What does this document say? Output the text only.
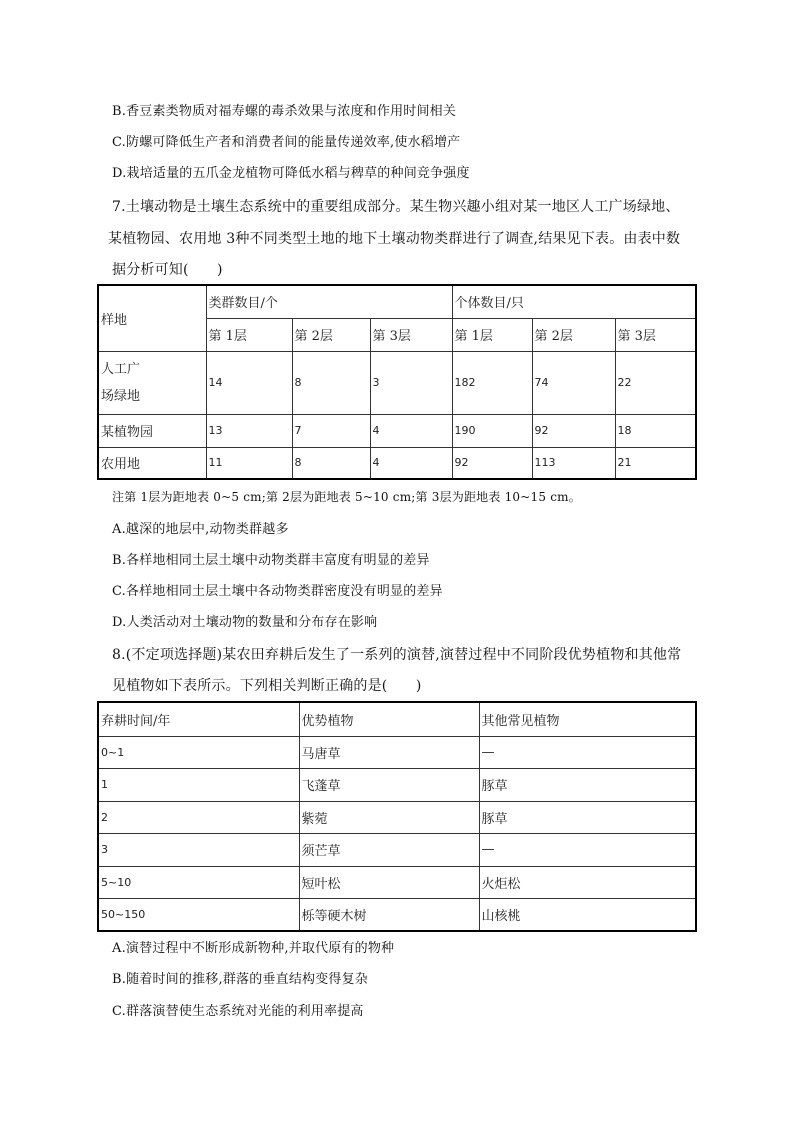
B.香豆素类物质对福寿螺的毒杀效果与浓度和作用时间相关
C.防螺可降低生产者和消费者间的能量传递效率,使水稻增产
D.栽培适量的五爪金龙植物可降低水稻与稗草的种间竞争强度
7.土壤动物是土壤生态系统中的重要组成部分。某生物兴趣小组对某一地区人工广场绿地、
某植物园、农用地 3种不同类型土地的地下土壤动物类群进行了调查,结果见下表。由表中数
据分析可知(　　)
样地	类群数目/个			个体数目/只		
	第 1层	第 2层	第 3层	第 1层	第 2层	第 3层
人工广
场绿地	14	8	3	182	74	22
某植物园	13	7	4	190	92	18
农用地	11	8	4	92	113	21
注第 1层为距地表 0~5 cm;第 2层为距地表 5~10 cm;第 3层为距地表 10~15 cm。
A.越深的地层中,动物类群越多
B.各样地相同土层土壤中动物类群丰富度有明显的差异
C.各样地相同土层土壤中各动物类群密度没有明显的差异
D.人类活动对土壤动物的数量和分布存在影响
8.(不定项选择题)某农田弃耕后发生了一系列的演替,演替过程中不同阶段优势植物和其他常
见植物如下表所示。下列相关判断正确的是(　　)
弃耕时间/年	优势植物	其他常见植物
0~1	马唐草	—
1	飞蓬草	豚草
2	紫菀	豚草
3	须芒草	—
5~10	短叶松	火炬松
50~150	栎等硬木树	山核桃
A.演替过程中不断形成新物种,并取代原有的物种
B.随着时间的推移,群落的垂直结构变得复杂
C.群落演替使生态系统对光能的利用率提高
